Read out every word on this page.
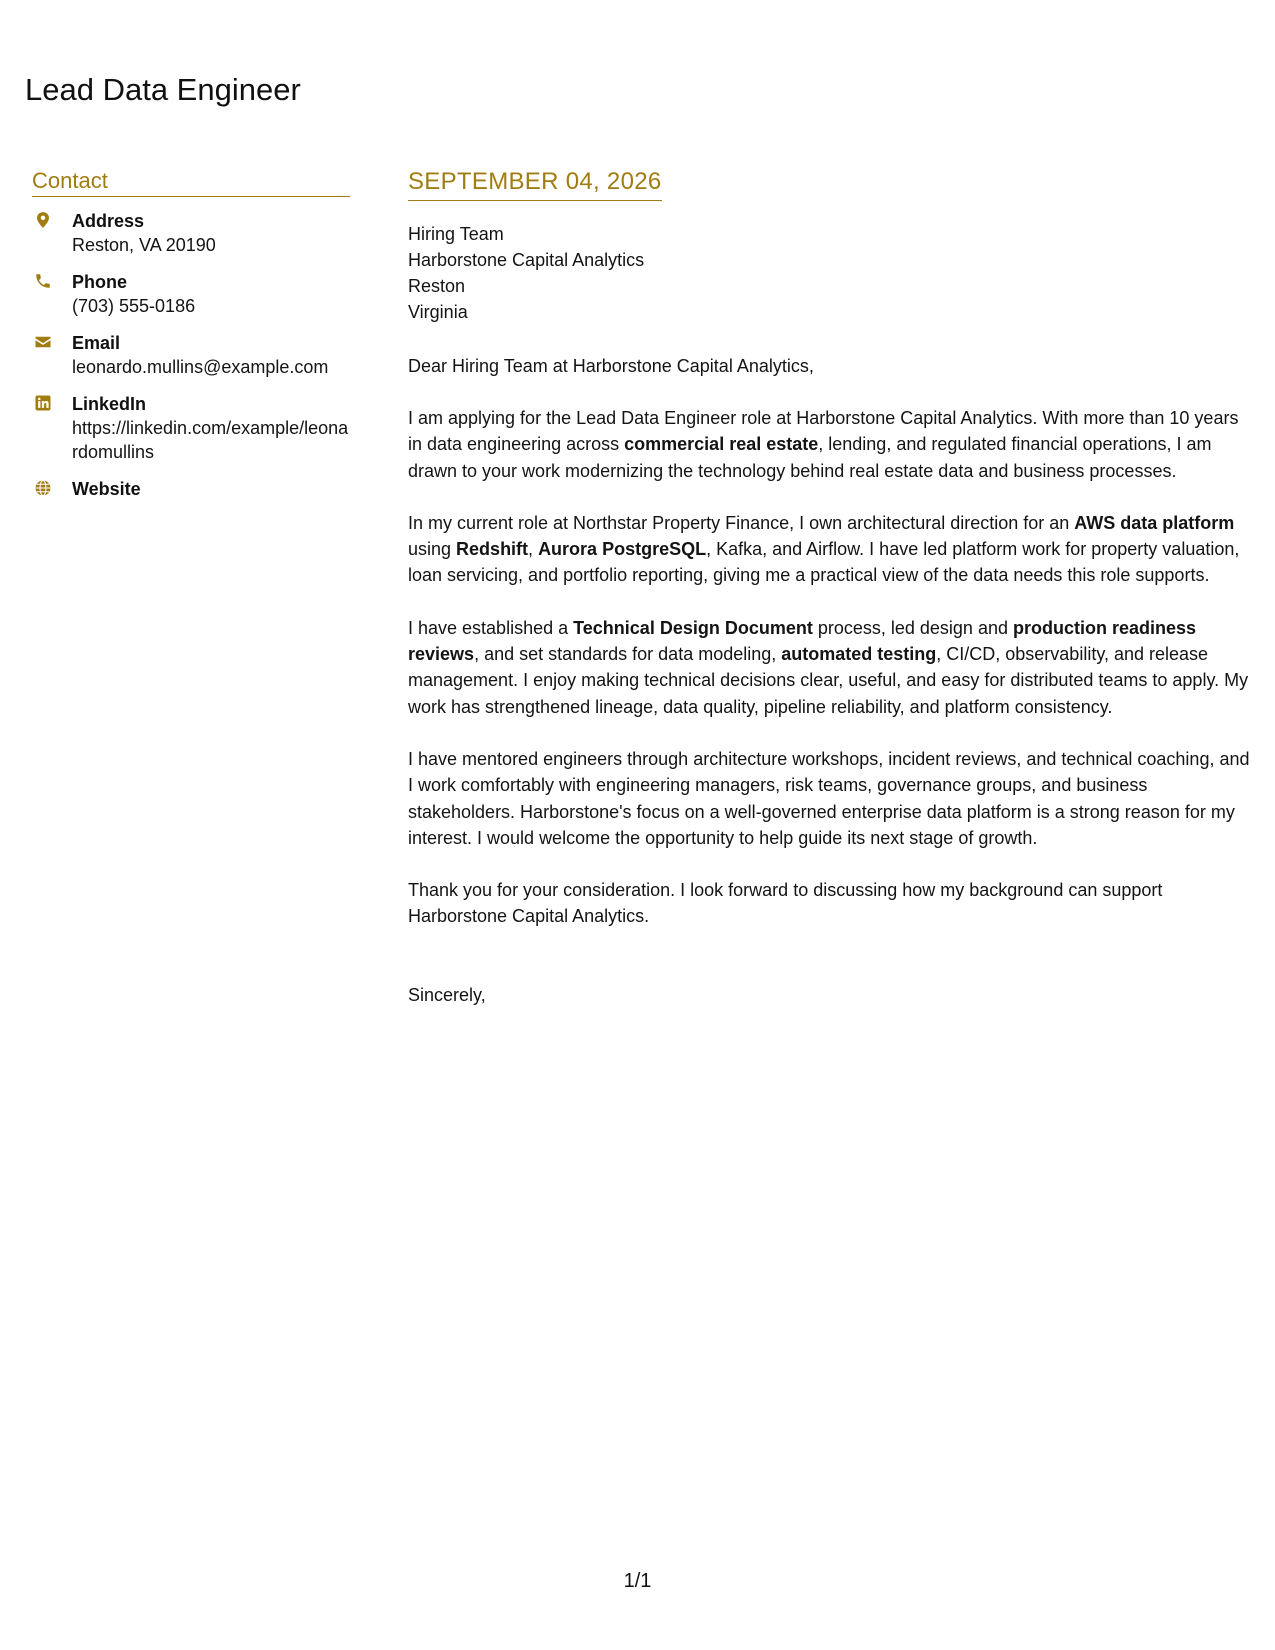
Lead Data Engineer
Contact
Address
Reston, VA 20190
Phone
(703) 555-0186
Email
leonardo.mullins@example.com
LinkedIn
https://linkedin.com/example/leonardomullins
Website
SEPTEMBER 04, 2026
Hiring Team
Harborstone Capital Analytics
Reston
Virginia
Dear Hiring Team at Harborstone Capital Analytics,
I am applying for the Lead Data Engineer role at Harborstone Capital Analytics. With more than 10 years in data engineering across commercial real estate, lending, and regulated financial operations, I am drawn to your work modernizing the technology behind real estate data and business processes.
In my current role at Northstar Property Finance, I own architectural direction for an AWS data platform using Redshift, Aurora PostgreSQL, Kafka, and Airflow. I have led platform work for property valuation, loan servicing, and portfolio reporting, giving me a practical view of the data needs this role supports.
I have established a Technical Design Document process, led design and production readiness reviews, and set standards for data modeling, automated testing, CI/CD, observability, and release management. I enjoy making technical decisions clear, useful, and easy for distributed teams to apply. My work has strengthened lineage, data quality, pipeline reliability, and platform consistency.
I have mentored engineers through architecture workshops, incident reviews, and technical coaching, and I work comfortably with engineering managers, risk teams, governance groups, and business stakeholders. Harborstone's focus on a well-governed enterprise data platform is a strong reason for my interest. I would welcome the opportunity to help guide its next stage of growth.
Thank you for your consideration. I look forward to discussing how my background can support Harborstone Capital Analytics.
Sincerely,
1/1
